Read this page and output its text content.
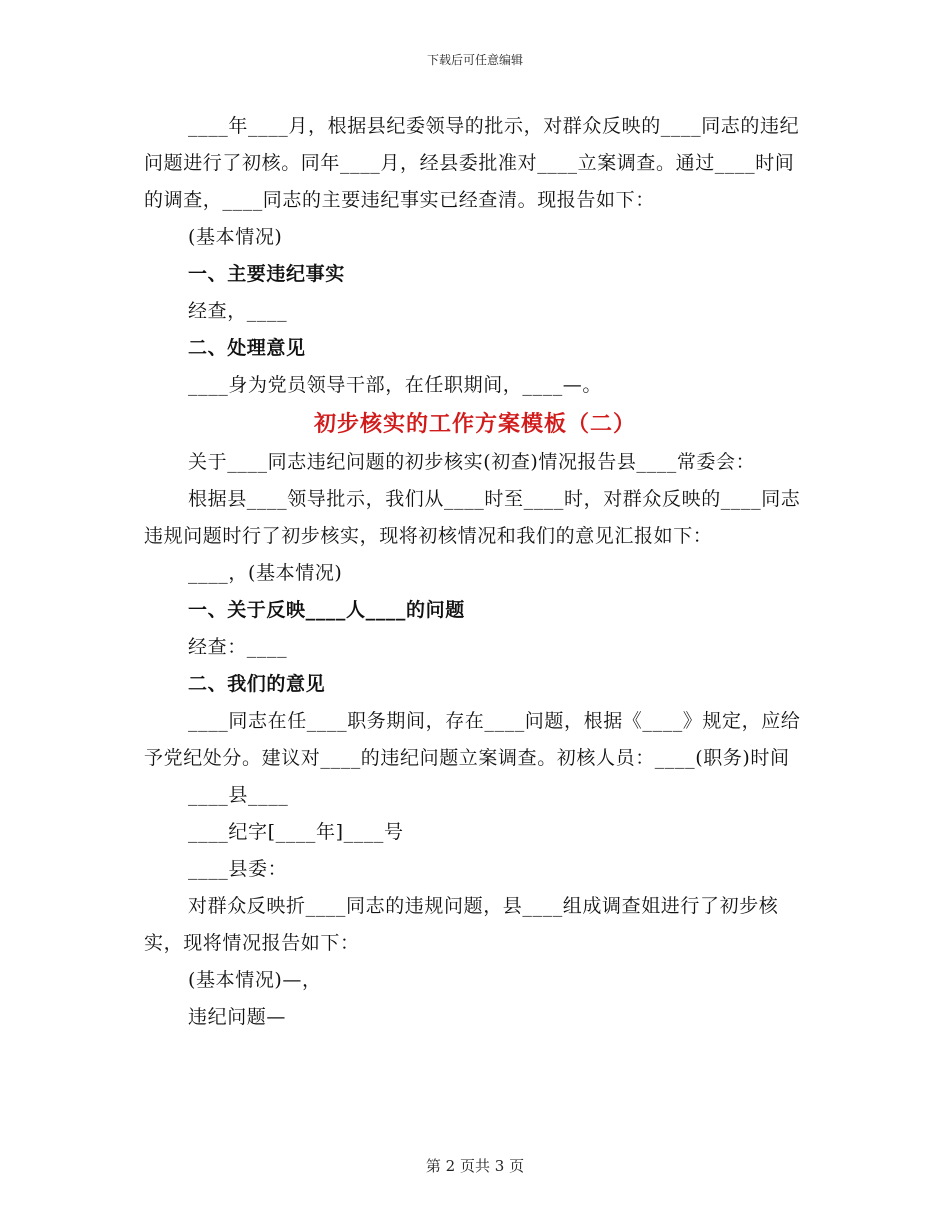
下载后可任意编辑

____年____月，根据县纪委领导的批示，对群众反映的____同志的违纪问题进行了初核。同年____月，经县委批准对____立案调查。通过____时间的调查，____同志的主要违纪事实已经查清。现报告如下：

(基本情况)

一、主要违纪事实

经查，____

二、处理意见

____身为党员领导干部，在任职期间，____—。

初步核实的工作方案模板（二）

关于____同志违纪问题的初步核实(初查)情况报告县____常委会：

根据县____领导批示，我们从____时至____时，对群众反映的____同志违规问题时行了初步核实，现将初核情况和我们的意见汇报如下：

____，(基本情况)

一、关于反映____人____的问题

经查：____

二、我们的意见

____同志在任____职务期间，存在____问题，根据《____》规定，应给予党纪处分。建议对____的违纪问题立案调查。初核人员：____(职务)时间

____县____

____纪字[____年]____号

____县委：

对群众反映折____同志的违规问题，县____组成调查姐进行了初步核实，现将情况报告如下：

(基本情况)—，

违纪问题—

第 2 页共 3 页
